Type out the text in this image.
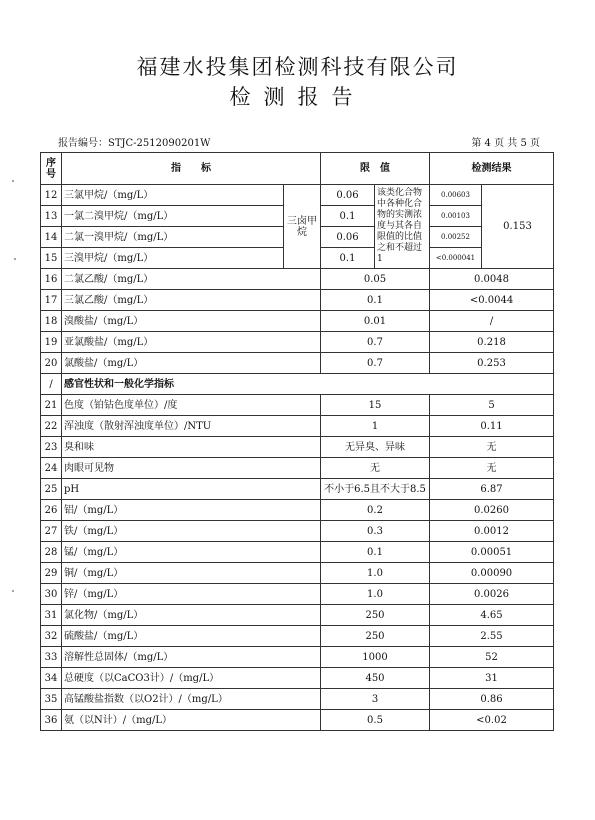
福建水投集团检测科技有限公司
检测报告
报告编号：STJC-2512090201W	第 4 页 共 5 页
序号	指　　标		限　值		检测结果	
12	三氯甲烷/（mg/L）	三卤甲烷	0.06	该类化合物中各种化合物的实测浓度与其各自限值的比值之和不超过1	0.00603	0.153
13	一氯二溴甲烷/（mg/L）		0.1		0.00103	
14	二氯一溴甲烷/（mg/L）		0.06		0.00252	
15	三溴甲烷/（mg/L）		0.1		<0.000041	
16	二氯乙酸/（mg/L）		0.05		0.0048	
17	三氯乙酸/（mg/L）		0.1		<0.0044	
18	溴酸盐/（mg/L）		0.01		/	
19	亚氯酸盐/（mg/L）		0.7		0.218	
20	氯酸盐/（mg/L）		0.7		0.253	
/	感官性状和一般化学指标					
21	色度（铂钴色度单位）/度		15		5	
22	浑浊度（散射浑浊度单位）/NTU		1		0.11	
23	臭和味		无异臭、异味		无	
24	肉眼可见物		无		无	
25	pH		不小于6.5且不大于8.5		6.87	
26	铝/（mg/L）		0.2		0.0260	
27	铁/（mg/L）		0.3		0.0012	
28	锰/（mg/L）		0.1		0.00051	
29	铜/（mg/L）		1.0		0.00090	
30	锌/（mg/L）		1.0		0.0026	
31	氯化物/（mg/L）		250		4.65	
32	硫酸盐/（mg/L）		250		2.55	
33	溶解性总固体/（mg/L）		1000		52	
34	总硬度（以CaCO3计）/（mg/L）		450		31	
35	高锰酸盐指数（以O2计）/（mg/L）		3		0.86	
36	氨（以N计）/（mg/L）		0.5		<0.02	
